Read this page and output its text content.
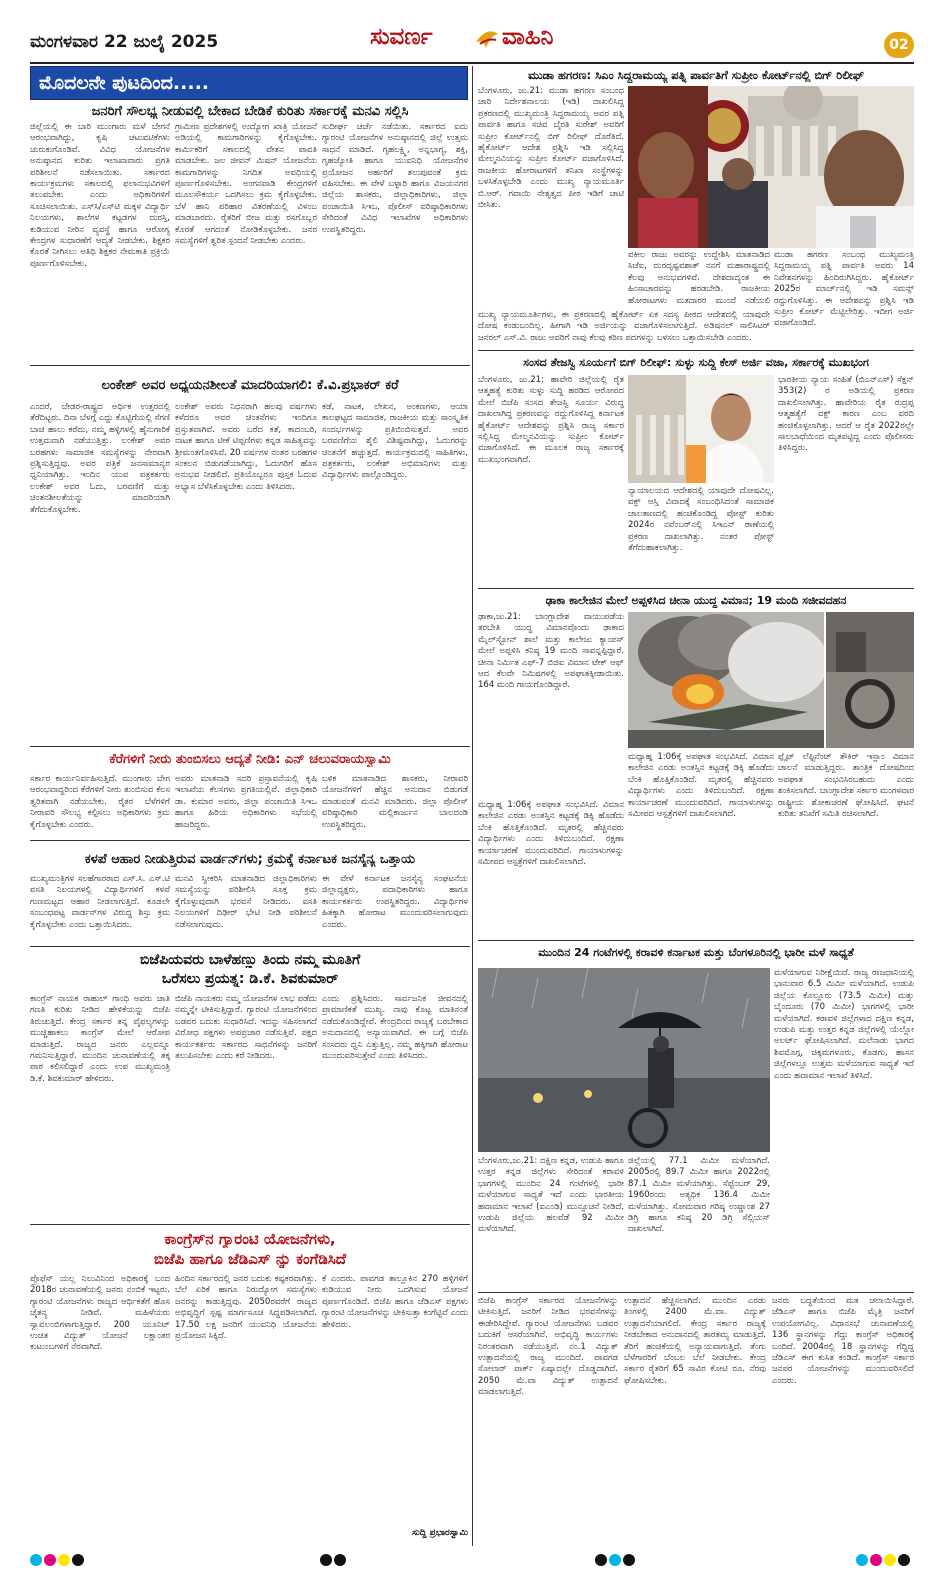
ಮಂಗಳವಾರ 22 ಜುಲೈ 2025	ಸುವರ್ಣ	ವಾಹಿನಿ	02
ಮೊದಲನೇ ಪುಟದಿಂದ.....
ಜನರಿಗೆ ಸೌಲಭ್ಯ ನೀಡುವಲ್ಲಿ ಬೇಕಾದ ಬೇಡಿಕೆ ಕುರಿತು ಸರ್ಕಾರಕ್ಕೆ ಮನವಿ ಸಲ್ಲಿಸಿ
ಜಿಲ್ಲೆಯಲ್ಲಿ ಈ ಬಾರಿ ಮುಂಗಾರು ಮಳೆ ಬೇಗನೆ ಆರಂಭವಾಗಿದ್ದು, ಕೃಷಿ ಚಟುವಟಿಕೆಗಳು ಚುರುಕುಗೊಂಡಿವೆ. ವಿವಿಧ ಯೋಜನೆಗಳ ಅನುಷ್ಠಾನದ ಕುರಿತು ಇಲಾಖಾವಾರು ಪ್ರಗತಿ ಪರಿಶೀಲನೆ ನಡೆಸಲಾಯಿತು. ಸರ್ಕಾರದ ಕಾರ್ಯಕ್ರಮಗಳು ಸಕಾಲದಲ್ಲಿ ಫಲಾನುಭವಿಗಳಿಗೆ ತಲುಪಬೇಕು ಎಂದು ಅಧಿಕಾರಿಗಳಿಗೆ ಸೂಚಿಸಲಾಯಿತು. ಎಸ್‌ಸಿ/ಎಸ್‌ಟಿ ಮಕ್ಕಳ ವಿದ್ಯಾರ್ಥಿ ನಿಲಯಗಳು, ಶಾಲೆಗಳ ಕಟ್ಟಡಗಳ ದುರಸ್ತಿ, ಕುಡಿಯುವ ನೀರಿನ ವ್ಯವಸ್ಥೆ ಹಾಗೂ ಆರೋಗ್ಯ ಕೇಂದ್ರಗಳ ಸುಧಾರಣೆಗೆ ಆದ್ಯತೆ ನೀಡಬೇಕು. ಶಿಕ್ಷಕರ ಕೊರತೆ ನೀಗಿಸಲು ಅತಿಥಿ ಶಿಕ್ಷಕರ ನೇಮಕಾತಿ ಪ್ರಕ್ರಿಯೆ ಪೂರ್ಣಗೊಳಿಸಬೇಕು.
ಗ್ರಾಮೀಣ ಪ್ರದೇಶಗಳಲ್ಲಿ ಉದ್ಯೋಗ ಖಾತ್ರಿ ಯೋಜನೆ ಅಡಿಯಲ್ಲಿ ಕಾಮಗಾರಿಗಳನ್ನು ಕೈಗೊಳ್ಳಬೇಕು. ಕಾರ್ಮಿಕರಿಗೆ ಸಕಾಲದಲ್ಲಿ ವೇತನ ಪಾವತಿ ಮಾಡಬೇಕು. ಜಲ ಜೀವನ್ ಮಿಷನ್ ಯೋಜನೆಯ ಕಾಮಗಾರಿಗಳನ್ನು ನಿಗದಿತ ಅವಧಿಯಲ್ಲಿ ಪೂರ್ಣಗೊಳಿಸಬೇಕು. ಅಂಗನವಾಡಿ ಕೇಂದ್ರಗಳಿಗೆ ಮೂಲಸೌಕರ್ಯ ಒದಗಿಸಲು ಕ್ರಮ ಕೈಗೊಳ್ಳಬೇಕು. ಬೆಳೆ ಹಾನಿ ಪರಿಹಾರ ವಿತರಣೆಯಲ್ಲಿ ವಿಳಂಬ ಮಾಡಬಾರದು. ರೈತರಿಗೆ ಬೀಜ ಮತ್ತು ರಸಗೊಬ್ಬರ ಕೊರತೆ ಆಗದಂತೆ ನೋಡಿಕೊಳ್ಳಬೇಕು. ಜನರ ಸಮಸ್ಯೆಗಳಿಗೆ ತ್ವರಿತ ಸ್ಪಂದನೆ ನೀಡಬೇಕು ಎಂದರು.
ಸುದೀರ್ಘ ಚರ್ಚೆ ನಡೆಯಿತು. ಸರ್ಕಾರದ ಐದು ಗ್ಯಾರಂಟಿ ಯೋಜನೆಗಳ ಅನುಷ್ಠಾನದಲ್ಲಿ ಜಿಲ್ಲೆ ಉತ್ತಮ ಸಾಧನೆ ಮಾಡಿದೆ. ಗೃಹಲಕ್ಷ್ಮಿ, ಅನ್ನಭಾಗ್ಯ, ಶಕ್ತಿ, ಗೃಹಜ್ಯೋತಿ ಹಾಗೂ ಯುವನಿಧಿ ಯೋಜನೆಗಳ ಪ್ರಯೋಜನ ಅರ್ಹರಿಗೆ ತಲುಪುವಂತೆ ಕ್ರಮ ವಹಿಸಬೇಕು. ಈ ವೇಳೆ ಬಳ್ಳಾರಿ ಹಾಗೂ ವಿಜಯನಗರ ಜಿಲ್ಲೆಯ ಶಾಸಕರು, ಜಿಲ್ಲಾಧಿಕಾರಿಗಳು, ಜಿಲ್ಲಾ ಪಂಚಾಯಿತಿ ಸಿಇಒ, ಪೊಲೀಸ್ ವರಿಷ್ಠಾಧಿಕಾರಿಗಳು ಸೇರಿದಂತೆ ವಿವಿಧ ಇಲಾಖೆಗಳ ಅಧಿಕಾರಿಗಳು ಉಪಸ್ಥಿತರಿದ್ದರು.
ಲಂಕೇಶ್ ಅವರ ಅಧ್ಯಯನಶೀಲತೆ ಮಾದರಿಯಾಗಲಿ: ಕೆ.ವಿ.ಪ್ರಭಾಕರ್ ಕರೆ
ಎಂದರೆ, ಬೇಡರ-ರಾಷ್ಟ್ರದ ಅರ್ಥಿಕ ಉತ್ತರದಲ್ಲಿ ತೆರೆದಿಟ್ಟರು. ದಿನಾ ಬೆಳಗ್ಗೆ ಎದ್ದು ಕೊಟ್ಟಿಗೆಯಲ್ಲಿ ಸೆಗಣಿ ಬಾಚಿ ಹಾಲು ಕರೆದು, ನಮ್ಮ ಹಳ್ಳಿಗಳಲ್ಲಿ ಹೈನುಗಾರಿಕೆ ಉತ್ತಮವಾಗಿ ನಡೆಯುತ್ತಿತ್ತು. ಲಂಕೇಶ್ ಅವರ ಬರಹಗಳು ಸಾಮಾಜಿಕ ಸಮಸ್ಯೆಗಳನ್ನು ನೇರವಾಗಿ ಪ್ರಶ್ನಿಸುತ್ತಿದ್ದವು. ಅವರ ಪತ್ರಿಕೆ ಜನಸಾಮಾನ್ಯರ ಧ್ವನಿಯಾಗಿತ್ತು. ಇಂದಿನ ಯುವ ಪತ್ರಕರ್ತರು ಲಂಕೇಶ್ ಅವರ ಓದು, ಬರವಣಿಗೆ ಮತ್ತು ಚಿಂತನಶೀಲತೆಯನ್ನು ಮಾದರಿಯಾಗಿ ತೆಗೆದುಕೊಳ್ಳಬೇಕು.
ಲಂಕೇಶ್ ಅವರು ನಿಧನರಾಗಿ ಹಲವು ವರ್ಷಗಳು ಕಳೆದರೂ ಅವರ ಚಿಂತನೆಗಳು ಇಂದಿಗೂ ಪ್ರಸ್ತುತವಾಗಿವೆ. ಅವರು ಬರೆದ ಕತೆ, ಕಾದಂಬರಿ, ನಾಟಕ ಹಾಗೂ ಟೀಕೆ ಟಿಪ್ಪಣಿಗಳು ಕನ್ನಡ ಸಾಹಿತ್ಯವನ್ನು ಶ್ರೀಮಂತಗೊಳಿಸಿವೆ. 20 ವರ್ಷಗಳ ನಂತರ ಬರಹಗಳ ಸಂಕಲನ ಬಿಡುಗಡೆಯಾಗಿದ್ದು, ಓದುಗರಿಗೆ ಹೊಸ ಅನುಭವ ನೀಡಲಿದೆ. ಪ್ರತಿಯೊಬ್ಬರೂ ಪುಸ್ತಕ ಓದುವ ಅಭ್ಯಾಸ ಬೆಳೆಸಿಕೊಳ್ಳಬೇಕು ಎಂದು ತಿಳಿಸಿದರು.
ಕಡೆ, ನಾಟಕ, ಲೇಖನ, ಅಂಕಣಗಳು, ಆಯಾ ಕಾಲಘಟ್ಟದ ಸಾಮಾಜಿಕ, ರಾಜಕೀಯ ಮತ್ತು ಸಾಂಸ್ಕೃತಿಕ ಸಂದರ್ಭಗಳನ್ನು ಪ್ರತಿಬಿಂಬಿಸುತ್ತವೆ. ಅವರ ಬರವಣಿಗೆಯ ಶೈಲಿ ವಿಶಿಷ್ಟವಾಗಿದ್ದು, ಓದುಗರನ್ನು ಚಿಂತನೆಗೆ ಹಚ್ಚುತ್ತದೆ. ಕಾರ್ಯಕ್ರಮದಲ್ಲಿ ಸಾಹಿತಿಗಳು, ಪತ್ರಕರ್ತರು, ಲಂಕೇಶ್ ಅಭಿಮಾನಿಗಳು ಮತ್ತು ವಿದ್ಯಾರ್ಥಿಗಳು ಪಾಲ್ಗೊಂಡಿದ್ದರು.
ಕೆರೆಗಳಿಗೆ ನೀರು ತುಂಬಿಸಲು ಆದ್ಯತೆ ನೀಡಿ: ಎನ್ ಚಲುವರಾಯಸ್ವಾಮಿ
ಸರ್ಕಾರ ಕಾರ್ಯನಿರ್ವಹಿಸುತ್ತಿದೆ. ಮುಂಗಾರು ಬೇಗ ಆರಂಭವಾದ್ದರಿಂದ ಕೆರೆಗಳಿಗೆ ನೀರು ತುಂಬಿಸುವ ಕೆಲಸ ತ್ವರಿತವಾಗಿ ನಡೆಯಬೇಕು. ರೈತರ ಬೆಳೆಗಳಿಗೆ ನೀರಾವರಿ ಸೌಲಭ್ಯ ಕಲ್ಪಿಸಲು ಅಧಿಕಾರಿಗಳು ಕ್ರಮ ಕೈಗೊಳ್ಳಬೇಕು ಎಂದರು.
ಅವರು ಮಾತನಾಡಿ ಸದರಿ ಪ್ರಸ್ತಾವನೆಯಲ್ಲಿ ಕೃಷಿ ಇಲಾಖೆಯ ಕೆಲಸಗಳು ಪ್ರಗತಿಯಲ್ಲಿವೆ. ಜಿಲ್ಲಾಧಿಕಾರಿ ಡಾ. ಕುಮಾರ ಅವರು, ಜಿಲ್ಲಾ ಪಂಚಾಯಿತಿ ಸಿಇಒ ಹಾಗೂ ಹಿರಿಯ ಅಧಿಕಾರಿಗಳು ಸಭೆಯಲ್ಲಿ ಹಾಜರಿದ್ದರು.
ಬಳಿಕ ಮಾತನಾಡಿದ ಶಾಸಕರು, ನೀರಾವರಿ ಯೋಜನೆಗಳಿಗೆ ಹೆಚ್ಚಿನ ಅನುದಾನ ಬಿಡುಗಡೆ ಮಾಡುವಂತೆ ಮನವಿ ಮಾಡಿದರು. ಜಿಲ್ಲಾ ಪೊಲೀಸ್ ವರಿಷ್ಠಾಧಿಕಾರಿ ಮಲ್ಲಿಕಾರ್ಜುನ ಬಾಲದಂಡಿ ಉಪಸ್ಥಿತರಿದ್ದರು.
ಕಳಪೆ ಆಹಾರ ನೀಡುತ್ತಿರುವ ವಾರ್ಡನ್‌ಗಳು; ಕ್ರಮಕ್ಕೆ ಕರ್ನಾಟಕ ಜನಸೈನ್ಯ ಒತ್ತಾಯ
ಮುಖ್ಯಮಂತ್ರಿಗಳ ಸಲಹೆಗಾರರಾದ ಎಸ್.ಸಿ. ಎಸ್.ಟಿ ವಸತಿ ನಿಲಯಗಳಲ್ಲಿ ವಿದ್ಯಾರ್ಥಿಗಳಿಗೆ ಕಳಪೆ ಗುಣಮಟ್ಟದ ಆಹಾರ ನೀಡಲಾಗುತ್ತಿದೆ. ಕೂಡಲೇ ಸಂಬಂಧಪಟ್ಟ ವಾರ್ಡನ್‌ಗಳ ವಿರುದ್ಧ ಶಿಸ್ತು ಕ್ರಮ ಕೈಗೊಳ್ಳಬೇಕು ಎಂದು ಒತ್ತಾಯಿಸಿದರು.
ಮನವಿ ಸ್ವೀಕರಿಸಿ ಮಾತನಾಡಿದ ಜಿಲ್ಲಾಧಿಕಾರಿಗಳು ಸಮಸ್ಯೆಯನ್ನು ಪರಿಶೀಲಿಸಿ ಸೂಕ್ತ ಕ್ರಮ ಕೈಗೊಳ್ಳುವುದಾಗಿ ಭರವಸೆ ನೀಡಿದರು. ವಸತಿ ನಿಲಯಗಳಿಗೆ ದಿಢೀರ್ ಭೇಟಿ ನೀಡಿ ಪರಿಶೀಲನೆ ನಡೆಸಲಾಗುವುದು.
ಈ ವೇಳೆ ಕರ್ನಾಟಕ ಜನಸೈನ್ಯ ಸಂಘಟನೆಯ ಜಿಲ್ಲಾಧ್ಯಕ್ಷರು, ಪದಾಧಿಕಾರಿಗಳು ಹಾಗೂ ಕಾರ್ಯಕರ್ತರು ಉಪಸ್ಥಿತರಿದ್ದರು. ವಿದ್ಯಾರ್ಥಿಗಳ ಹಿತಕ್ಕಾಗಿ ಹೋರಾಟ ಮುಂದುವರಿಸಲಾಗುವುದು ಎಂದರು.
ಬಿಜೆಪಿಯವರು ಬಾಳೆಹಣ್ಣು ತಿಂದು ನಮ್ಮ ಮೂತಿಗೆ
ಒರೆಸಲು ಪ್ರಯತ್ನ: ಡಿ.ಕೆ. ಶಿವಕುಮಾರ್
ಕಾಂಗ್ರೆಸ್ ನಾಯಕ ರಾಹುಲ್ ಗಾಂಧಿ ಅವರು ಜಾತಿ ಗಣತಿ ಕುರಿತು ನೀಡಿದ ಹೇಳಿಕೆಯನ್ನು ಬಿಜೆಪಿ ತಿರುಚುತ್ತಿದೆ. ಕೇಂದ್ರ ಸರ್ಕಾರ ತನ್ನ ವೈಫಲ್ಯಗಳನ್ನು ಮುಚ್ಚಿಹಾಕಲು ಕಾಂಗ್ರೆಸ್ ಮೇಲೆ ಆರೋಪ ಮಾಡುತ್ತಿದೆ. ರಾಜ್ಯದ ಜನರು ಎಲ್ಲವನ್ನೂ ಗಮನಿಸುತ್ತಿದ್ದಾರೆ. ಮುಂದಿನ ಚುನಾವಣೆಯಲ್ಲಿ ತಕ್ಕ ಪಾಠ ಕಲಿಸಲಿದ್ದಾರೆ ಎಂದು ಉಪ ಮುಖ್ಯಮಂತ್ರಿ ಡಿ.ಕೆ. ಶಿವಕುಮಾರ್ ಹೇಳಿದರು.
ಬಿಜೆಪಿ ನಾಯಕರು ನಮ್ಮ ಯೋಜನೆಗಳ ಲಾಭ ಪಡೆದು ನಮ್ಮನ್ನೇ ಟೀಕಿಸುತ್ತಿದ್ದಾರೆ. ಗ್ಯಾರಂಟಿ ಯೋಜನೆಗಳಿಂದ ಬಡವರ ಬದುಕು ಸುಧಾರಿಸಿದೆ. ಇದನ್ನು ಸಹಿಸಲಾಗದೆ ವಿರೋಧ ಪಕ್ಷಗಳು ಅಪಪ್ರಚಾರ ನಡೆಸುತ್ತಿವೆ. ಪಕ್ಷದ ಕಾರ್ಯಕರ್ತರು ಸರ್ಕಾರದ ಸಾಧನೆಗಳನ್ನು ಜನರಿಗೆ ತಲುಪಿಸಬೇಕು ಎಂದು ಕರೆ ನೀಡಿದರು.
ಎಂದು ಪ್ರಶ್ನಿಸಿದರು. ಸಾರ್ವಜನಿಕ ಜೀವನದಲ್ಲಿ ಪ್ರಾಮಾಣಿಕತೆ ಮುಖ್ಯ. ನಾವು ಕೊಟ್ಟ ಮಾತಿನಂತೆ ನಡೆದುಕೊಂಡಿದ್ದೇವೆ. ಕೇಂದ್ರದಿಂದ ರಾಜ್ಯಕ್ಕೆ ಬರಬೇಕಾದ ಅನುದಾನದಲ್ಲಿ ಅನ್ಯಾಯವಾಗಿದೆ. ಈ ಬಗ್ಗೆ ಬಿಜೆಪಿ ಸಂಸದರು ಧ್ವನಿ ಎತ್ತುತ್ತಿಲ್ಲ. ನಮ್ಮ ಹಕ್ಕಿಗಾಗಿ ಹೋರಾಟ ಮುಂದುವರಿಸುತ್ತೇವೆ ಎಂದು ತಿಳಿಸಿದರು.
ಕಾಂಗ್ರೆಸ್‌ನ ಗ್ಯಾರಂಟಿ ಯೋಜನೆಗಳು,
ಬಿಜೆಪಿ ಹಾಗೂ ಜೆಡಿಎಸ್ ನ್ನು ಕಂಗೆಡಿಸಿದೆ
ಪ್ರೊಫೆಸ್ ಯಲ್ಲ ನಿಲುವಿನಿಂದ ಅಧಿಕಾರಕ್ಕೆ ಬಂದ 2018ರ ಚುನಾವಣೆಯಲ್ಲಿ ಜನರು ನಂಬಿಕೆ ಇಟ್ಟರು. ಗ್ಯಾರಂಟಿ ಯೋಜನೆಗಳು ರಾಜ್ಯದ ಆರ್ಥಿಕತೆಗೆ ಹೊಸ ಚೈತನ್ಯ ನೀಡಿವೆ. ಮಹಿಳೆಯರು ಸ್ವಾವಲಂಬಿಗಳಾಗುತ್ತಿದ್ದಾರೆ. 200 ಯೂನಿಟ್ ಉಚಿತ ವಿದ್ಯುತ್ ಯೋಜನೆ ಲಕ್ಷಾಂತರ ಕುಟುಂಬಗಳಿಗೆ ನೆರವಾಗಿದೆ.
ಹಿಂದಿನ ಸರ್ಕಾರದಲ್ಲಿ ಜನರ ಬದುಕು ಕಷ್ಟಕರವಾಗಿತ್ತು. ಬೆಲೆ ಏರಿಕೆ ಹಾಗೂ ನಿರುದ್ಯೋಗ ಸಮಸ್ಯೆಗಳು ಜನರನ್ನು ಕಾಡುತ್ತಿದ್ದವು. 2050ರವರೆಗೆ ರಾಜ್ಯದ ಅಭಿವೃದ್ಧಿಗೆ ಸ್ಪಷ್ಟ ಮಾರ್ಗಸೂಚಿ ಸಿದ್ಧಪಡಿಸಲಾಗಿದೆ. 17.50 ಲಕ್ಷ ಜನರಿಗೆ ಯುವನಿಧಿ ಯೋಜನೆಯ ಪ್ರಯೋಜನ ಸಿಕ್ಕಿದೆ.
ಕೆ ಎಂದರು. ಪಾವಗಡ ತಾಲ್ಲೂಕಿನ 270 ಹಳ್ಳಿಗಳಿಗೆ ಕುಡಿಯುವ ನೀರು ಒದಗಿಸುವ ಯೋಜನೆ ಪೂರ್ಣಗೊಂಡಿದೆ. ಬಿಜೆಪಿ ಹಾಗೂ ಜೆಡಿಎಸ್ ಪಕ್ಷಗಳು ಗ್ಯಾರಂಟಿ ಯೋಜನೆಗಳನ್ನು ಟೀಕಿಸುತ್ತಾ ಕಂಗೆಟ್ಟಿವೆ ಎಂದು ಹೇಳಿದರು.
ಸುದ್ದಿ ಪ್ರಭಾರಸ್ವಾಮಿ
ಮುಡಾ ಹಗರಣ: ಸಿಎಂ ಸಿದ್ದರಾಮಯ್ಯ ಪತ್ನಿ ಪಾರ್ವತಿಗೆ ಸುಪ್ರೀಂ ಕೋರ್ಟ್‌ನಲ್ಲಿ ಬಿಗ್ ರಿಲೀಫ್
ಬೆಂಗಳೂರು, ಜು.21: ಮುಡಾ ಹಗರಣ ಸಂಬಂಧ ಜಾರಿ ನಿರ್ದೇಶನಾಲಯ (ಇಡಿ) ದಾಖಲಿಸಿದ್ದ ಪ್ರಕರಣದಲ್ಲಿ ಮುಖ್ಯಮಂತ್ರಿ ಸಿದ್ದರಾಮಯ್ಯ ಅವರ ಪತ್ನಿ ಪಾರ್ವತಿ ಹಾಗೂ ಸಚಿವ ಬೈರತಿ ಸುರೇಶ್ ಅವರಿಗೆ ಸುಪ್ರೀಂ ಕೋರ್ಟ್‌ನಲ್ಲಿ ಬಿಗ್ ರಿಲೀಫ್ ದೊರೆತಿದೆ. ಹೈಕೋರ್ಟ್ ಆದೇಶ ಪ್ರಶ್ನಿಸಿ ಇಡಿ ಸಲ್ಲಿಸಿದ್ದ ಮೇಲ್ಮನವಿಯನ್ನು ಸುಪ್ರೀಂ ಕೋರ್ಟ್ ವಜಾಗೊಳಿಸಿದೆ. ರಾಜಕೀಯ ಹೋರಾಟಗಳಿಗೆ ತನಿಖಾ ಸಂಸ್ಥೆಗಳನ್ನು ಬಳಸಿಕೊಳ್ಳಬೇಡಿ ಎಂದು ಮುಖ್ಯ ನ್ಯಾಯಮೂರ್ತಿ ಬಿ.ಆರ್. ಗವಾಯಿ ನೇತೃತ್ವದ ಪೀಠ ಇಡಿಗೆ ಚಾಟಿ ಬೀಸಿತು.
ವಕೀಲ ರಾಜು ಅವರನ್ನು ಉದ್ದೇಶಿಸಿ ಮಾತನಾಡಿದ ಸಿಜೆಐ, ದುರದೃಷ್ಟವಶಾತ್ ನನಗೆ ಮಹಾರಾಷ್ಟ್ರದಲ್ಲಿ ಕೆಲವು ಅನುಭವಗಳಿವೆ. ದೇಶದಾದ್ಯಂತ ಈ ಹಿಂಸಾಚಾರವನ್ನು ಹರಡಬೇಡಿ. ರಾಜಕೀಯ ಹೋರಾಟಗಳು ಮತದಾರರ ಮುಂದೆ ನಡೆಯಲಿ
ಮುಡಾ ಹಗರಣ ಸಂಬಂಧ ಮುಖ್ಯಮಂತ್ರಿ ಸಿದ್ದರಾಮಯ್ಯ ಪತ್ನಿ ಪಾರ್ವತಿ ಅವರು 14 ನಿವೇಶನಗಳನ್ನು ಹಿಂದಿರುಗಿಸಿದ್ದರು. ಹೈಕೋರ್ಟ್ 2025ರ ಮಾರ್ಚ್‌ನಲ್ಲಿ ಇಡಿ ಸಮನ್ಸ್ ರದ್ದುಗೊಳಿಸಿತ್ತು. ಈ ಆದೇಶವನ್ನು ಪ್ರಶ್ನಿಸಿ ಇಡಿ ಸುಪ್ರೀಂ ಕೋರ್ಟ್ ಮೆಟ್ಟಿಲೇರಿತ್ತು. ಇದೀಗ ಅರ್ಜಿ ವಜಾಗೊಂಡಿದೆ.
ಮುಖ್ಯ ನ್ಯಾಯಮೂರ್ತಿಗಳು, ಈ ಪ್ರಕರಣದಲ್ಲಿ ಹೈಕೋರ್ಟ್ ಏಕ ಸದಸ್ಯ ಪೀಠದ ಆದೇಶದಲ್ಲಿ ಯಾವುದೇ ದೋಷ ಕಂಡುಬಂದಿಲ್ಲ. ಹೀಗಾಗಿ ಇಡಿ ಅರ್ಜಿಯನ್ನು ವಜಾಗೊಳಿಸಲಾಗುತ್ತಿದೆ. ಅಡಿಷನಲ್ ಸಾಲಿಸಿಟರ್ ಜನರಲ್ ಎಸ್.ವಿ. ರಾಜು ಅವರಿಗೆ ನಾವು ಕೆಲವು ಕಠಿಣ ಪದಗಳನ್ನು ಬಳಸಲು ಒತ್ತಾಯಿಸಬೇಡಿ ಎಂದರು.
ಸಂಸದ ತೇಜಸ್ವಿ ಸೂರ್ಯಗೆ ಬಿಗ್ ರಿಲೀಫ್: ಸುಳ್ಳು ಸುದ್ದಿ ಕೇಸ್ ಅರ್ಜಿ ವಜಾ, ಸರ್ಕಾರಕ್ಕೆ ಮುಖಭಂಗ
ಬೆಂಗಳೂರು, ಜು.21: ಹಾವೇರಿ ಜಿಲ್ಲೆಯಲ್ಲಿ ರೈತ ಆತ್ಮಹತ್ಯೆ ಕುರಿತು ಸುಳ್ಳು ಸುದ್ದಿ ಹರಡಿದ ಆರೋಪದ ಮೇಲೆ ಬಿಜೆಪಿ ಸಂಸದ ತೇಜಸ್ವಿ ಸೂರ್ಯ ವಿರುದ್ಧ ದಾಖಲಾಗಿದ್ದ ಪ್ರಕರಣವನ್ನು ರದ್ದುಗೊಳಿಸಿದ್ದ ಕರ್ನಾಟಕ ಹೈಕೋರ್ಟ್ ಆದೇಶವನ್ನು ಪ್ರಶ್ನಿಸಿ ರಾಜ್ಯ ಸರ್ಕಾರ ಸಲ್ಲಿಸಿದ್ದ ಮೇಲ್ಮನವಿಯನ್ನು ಸುಪ್ರೀಂ ಕೋರ್ಟ್ ವಜಾಗೊಳಿಸಿದೆ. ಈ ಮೂಲಕ ರಾಜ್ಯ ಸರ್ಕಾರಕ್ಕೆ ಮುಖಭಂಗವಾಗಿದೆ.
ನ್ಯಾಯಾಲಯದ ಆದೇಶದಲ್ಲಿ ಯಾವುದೇ ದೋಷವಿಲ್ಲ. ವಕ್ಫ್ ಆಸ್ತಿ ವಿವಾದಕ್ಕೆ ಸಂಬಂಧಿಸಿದಂತೆ ಸಾಮಾಜಿಕ ಜಾಲತಾಣದಲ್ಲಿ ಹಂಚಿಕೊಂಡಿದ್ದ ಪೋಸ್ಟ್ ಕುರಿತು 2024ರ ನವೆಂಬರ್‌ನಲ್ಲಿ ಸಿಇಎನ್ ಠಾಣೆಯಲ್ಲಿ ಪ್ರಕರಣ ದಾಖಲಾಗಿತ್ತು. ನಂತರ ಪೋಸ್ಟ್ ತೆಗೆದುಹಾಕಲಾಗಿತ್ತು.
ಭಾರತೀಯ ನ್ಯಾಯ ಸಂಹಿತೆ (ಬಿಎನ್‌ಎಸ್) ಸೆಕ್ಷನ್ 353(2) ರ ಅಡಿಯಲ್ಲಿ ಪ್ರಕರಣ ದಾಖಲಿಸಲಾಗಿತ್ತು. ಹಾವೇರಿಯ ರೈತ ರುದ್ರಪ್ಪ ಆತ್ಮಹತ್ಯೆಗೆ ವಕ್ಫ್ ಕಾರಣ ಎಂಬ ವರದಿ ಹಂಚಿಕೊಳ್ಳಲಾಗಿತ್ತು. ಆದರೆ ಆ ರೈತ 2022ರಲ್ಲೇ ಸಾಲಬಾಧೆಯಿಂದ ಮೃತಪಟ್ಟಿದ್ದ ಎಂದು ಪೊಲೀಸರು ತಿಳಿಸಿದ್ದರು.
ಢಾಕಾ ಕಾಲೇಜಿನ ಮೇಲೆ ಅಪ್ಪಳಿಸಿದ ಚೀನಾ ಯುದ್ಧ ವಿಮಾನ; 19 ಮಂದಿ ಸಜೀವದಹನ
ಢಾಕಾ,ಜು.21: ಬಾಂಗ್ಲಾದೇಶ ವಾಯುಪಡೆಯ ತರಬೇತಿ ಯುದ್ಧ ವಿಮಾನವೊಂದು ಢಾಕಾದ ಮೈಲ್‌ಸ್ಟೋನ್ ಶಾಲೆ ಮತ್ತು ಕಾಲೇಜು ಕ್ಯಾಂಪಸ್ ಮೇಲೆ ಅಪ್ಪಳಿಸಿ ಕನಿಷ್ಠ 19 ಮಂದಿ ಸಾವನ್ನಪ್ಪಿದ್ದಾರೆ. ಚೀನಾ ನಿರ್ಮಿತ ಎಫ್-7 ಬಿಜಿಐ ವಿಮಾನ ಟೇಕ್ ಆಫ್ ಆದ ಕೆಲವೇ ನಿಮಿಷಗಳಲ್ಲಿ ಅಪಘಾತಕ್ಕೀಡಾಯಿತು. 164 ಮಂದಿ ಗಾಯಗೊಂಡಿದ್ದಾರೆ.
ಮಧ್ಯಾಹ್ನ 1:06ಕ್ಕೆ ಅಪಘಾತ ಸಂಭವಿಸಿದೆ. ವಿಮಾನ ಕಾಲೇಜಿನ ಎರಡು ಅಂತಸ್ತಿನ ಕಟ್ಟಡಕ್ಕೆ ಡಿಕ್ಕಿ ಹೊಡೆದು ಬೆಂಕಿ ಹೊತ್ತಿಕೊಂಡಿದೆ. ಮೃತರಲ್ಲಿ ಹೆಚ್ಚಿನವರು ವಿದ್ಯಾರ್ಥಿಗಳು ಎಂದು ತಿಳಿದುಬಂದಿದೆ. ರಕ್ಷಣಾ ಕಾರ್ಯಾಚರಣೆ ಮುಂದುವರಿದಿದೆ. ಗಾಯಾಳುಗಳನ್ನು ಸಮೀಪದ ಆಸ್ಪತ್ರೆಗಳಿಗೆ ದಾಖಲಿಸಲಾಗಿದೆ.
ಫ್ಲೈಟ್ ಲೆಫ್ಟಿನೆಂಟ್ ತೌಕಿರ್ ಇಸ್ಲಾಂ ವಿಮಾನ ಚಾಲನೆ ಮಾಡುತ್ತಿದ್ದರು. ತಾಂತ್ರಿಕ ದೋಷದಿಂದ ಅಪಘಾತ ಸಂಭವಿಸಿರಬಹುದು ಎಂದು ಶಂಕಿಸಲಾಗಿದೆ. ಬಾಂಗ್ಲಾದೇಶ ಸರ್ಕಾರ ಮಂಗಳವಾರ ರಾಷ್ಟ್ರೀಯ ಶೋಕಾಚರಣೆ ಘೋಷಿಸಿದೆ. ಘಟನೆ ಕುರಿತು ತನಿಖೆಗೆ ಸಮಿತಿ ರಚಿಸಲಾಗಿದೆ.
ಮಧ್ಯಾಹ್ನ 1:06ಕ್ಕೆ ಅಪಘಾತ ಸಂಭವಿಸಿದೆ. ವಿಮಾನ ಕಾಲೇಜಿನ ಎರಡು ಅಂತಸ್ತಿನ ಕಟ್ಟಡಕ್ಕೆ ಡಿಕ್ಕಿ ಹೊಡೆದು ಬೆಂಕಿ ಹೊತ್ತಿಕೊಂಡಿದೆ. ಮೃತರಲ್ಲಿ ಹೆಚ್ಚಿನವರು ವಿದ್ಯಾರ್ಥಿಗಳು ಎಂದು ತಿಳಿದುಬಂದಿದೆ. ರಕ್ಷಣಾ ಕಾರ್ಯಾಚರಣೆ ಮುಂದುವರಿದಿದೆ. ಗಾಯಾಳುಗಳನ್ನು ಸಮೀಪದ ಆಸ್ಪತ್ರೆಗಳಿಗೆ ದಾಖಲಿಸಲಾಗಿದೆ.
ಮುಂದಿನ 24 ಗಂಟೆಗಳಲ್ಲಿ ಕರಾವಳಿ ಕರ್ನಾಟಕ ಮತ್ತು ಬೆಂಗಳೂರಿನಲ್ಲಿ ಭಾರೀ ಮಳೆ ಸಾಧ್ಯತೆ
ಮಳೆಯಾಗುವ ನಿರೀಕ್ಷೆಯಿದೆ. ರಾಜ್ಯ ರಾಜಧಾನಿಯಲ್ಲಿ ಭಾನುವಾರ 6.5 ಮಿಮೀ ಮಳೆಯಾಗಿದೆ. ಉಡುಪಿ ಜಿಲ್ಲೆಯ ಕೊಲ್ಲೂರು (73.5 ಮಿಮೀ) ಮತ್ತು ಬೈಂದೂರು (70 ಮಿಮೀ) ಭಾಗಗಳಲ್ಲಿ ಭಾರೀ ಮಳೆಯಾಗಿದೆ. ಕರಾವಳಿ ಜಿಲ್ಲೆಗಳಾದ ದಕ್ಷಿಣ ಕನ್ನಡ, ಉಡುಪಿ ಮತ್ತು ಉತ್ತರ ಕನ್ನಡ ಜಿಲ್ಲೆಗಳಲ್ಲಿ ಯೆಲ್ಲೋ ಅಲರ್ಟ್ ಘೋಷಿಸಲಾಗಿದೆ. ಮಲೆನಾಡು ಭಾಗದ ಶಿವಮೊಗ್ಗ, ಚಿಕ್ಕಮಗಳೂರು, ಕೊಡಗು, ಹಾಸನ ಜಿಲ್ಲೆಗಳಲ್ಲೂ ಉತ್ತಮ ಮಳೆಯಾಗುವ ಸಾಧ್ಯತೆ ಇದೆ ಎಂದು ಹವಾಮಾನ ಇಲಾಖೆ ತಿಳಿಸಿದೆ.
ಬೆಂಗಳೂರು,ಜು.21: ದಕ್ಷಿಣ ಕನ್ನಡ, ಉಡುಪಿ ಹಾಗೂ ಉತ್ತರ ಕನ್ನಡ ಜಿಲ್ಲೆಗಳು ಸೇರಿದಂತೆ ಕರಾವಳಿ ಭಾಗಗಳಲ್ಲಿ ಮುಂದಿನ 24 ಗಂಟೆಗಳಲ್ಲಿ ಭಾರೀ ಮಳೆಯಾಗುವ ಸಾಧ್ಯತೆ ಇದೆ ಎಂದು ಭಾರತೀಯ ಹವಾಮಾನ ಇಲಾಖೆ (ಐಎಂಡಿ) ಮುನ್ಸೂಚನೆ ನೀಡಿದೆ. ಉಡುಪಿ ಜಿಲ್ಲೆಯ ಹಲವೆಡೆ 92 ಮಿಮೀ ಮಳೆಯಾಗಿದೆ.
ಜಿಲ್ಲೆಯಲ್ಲಿ 77.1 ಮಿಮೀ ಮಳೆಯಾಗಿದೆ. 2005ರಲ್ಲಿ 89.7 ಮಿಮೀ ಹಾಗೂ 2022ರಲ್ಲಿ 87.1 ಮಿಮೀ ಮಳೆಯಾಗಿತ್ತು. ಸೆಪ್ಟೆಂಬರ್ 29, 1960ರಂದು ಅತ್ಯಧಿಕ 136.4 ಮಿಮೀ ಮಳೆಯಾಗಿತ್ತು. ಸೋಮವಾರ ಗರಿಷ್ಠ ಉಷ್ಣಾಂಶ 27 ಡಿಗ್ರಿ ಹಾಗೂ ಕನಿಷ್ಠ 20 ಡಿಗ್ರಿ ಸೆಲ್ಸಿಯಸ್ ದಾಖಲಾಗಿದೆ.
ಬಿಜೆಪಿ ಕಾಂಗ್ರೆಸ್ ಸರ್ಕಾರದ ಯೋಜನೆಗಳನ್ನು ಟೀಕಿಸುತ್ತಿದೆ. ಜನರಿಗೆ ನೀಡಿದ ಭರವಸೆಗಳನ್ನು ಈಡೇರಿಸಿದ್ದೇವೆ. ಗ್ಯಾರಂಟಿ ಯೋಜನೆಗಳು ಬಡವರ ಬದುಕಿಗೆ ಆಸರೆಯಾಗಿವೆ. ಅಭಿವೃದ್ಧಿ ಕಾರ್ಯಗಳು ನಿರಂತರವಾಗಿ ನಡೆಯುತ್ತಿವೆ. ನಂ.1 ವಿದ್ಯುತ್ ಉತ್ಪಾದನೆಯಲ್ಲಿ ರಾಜ್ಯ ಮುಂದಿದೆ. ಪಾವಗಡ ಸೋಲಾರ್ ಪಾರ್ಕ್ ಏಷ್ಯಾದಲ್ಲೇ ದೊಡ್ಡದಾಗಿದೆ. 2050 ಮೆ.ವಾ ವಿದ್ಯುತ್ ಉತ್ಪಾದನೆ ಮಾಡಲಾಗುತ್ತಿದೆ.
ಉತ್ಪಾದನೆ ಹೆಚ್ಚಿಸಲಾಗಿದೆ. ಮುಂದಿನ ಎರಡು ತಿಂಗಳಲ್ಲಿ 2400 ಮೆ.ವಾ. ವಿದ್ಯುತ್ ಉತ್ಪಾದನೆಯಾಗಲಿದೆ. ಕೇಂದ್ರ ಸರ್ಕಾರ ರಾಜ್ಯಕ್ಕೆ ನೀಡಬೇಕಾದ ಅನುದಾನದಲ್ಲಿ ತಾರತಮ್ಯ ಮಾಡುತ್ತಿದೆ. ತೆರಿಗೆ ಹಂಚಿಕೆಯಲ್ಲಿ ಅನ್ಯಾಯವಾಗುತ್ತಿದೆ. ತೆಂಗು ಬೆಳೆಗಾರರಿಗೆ ಬೆಂಬಲ ಬೆಲೆ ನೀಡಬೇಕು. ಕೇಂದ್ರ ಸರ್ಕಾರ ರೈತರಿಗೆ 65 ಸಾವಿರ ಕೋಟಿ ರೂ. ನೆರವು ಘೋಷಿಸಬೇಕು.
ಜನರು ಬದ್ಧತೆಯಿಂದ ಮತ ಚಲಾಯಿಸಿದ್ದಾರೆ. ಜೆಡಿಎಸ್ ಹಾಗೂ ಬಿಜೆಪಿ ಮೈತ್ರಿ ಜನರಿಗೆ ಉಪಯೋಗವಿಲ್ಲ. ವಿಧಾನಸಭೆ ಚುನಾವಣೆಯಲ್ಲಿ 136 ಸ್ಥಾನಗಳನ್ನು ಗೆದ್ದು ಕಾಂಗ್ರೆಸ್ ಅಧಿಕಾರಕ್ಕೆ ಬಂದಿದೆ. 2004ರಲ್ಲಿ 18 ಸ್ಥಾನಗಳನ್ನು ಗೆದ್ದಿದ್ದ ಜೆಡಿಎಸ್ ಈಗ ಕುಸಿತ ಕಂಡಿದೆ. ಕಾಂಗ್ರೆಸ್ ಸರ್ಕಾರ ಜನಪರ ಯೋಜನೆಗಳನ್ನು ಮುಂದುವರಿಸಲಿದೆ ಎಂದರು.
